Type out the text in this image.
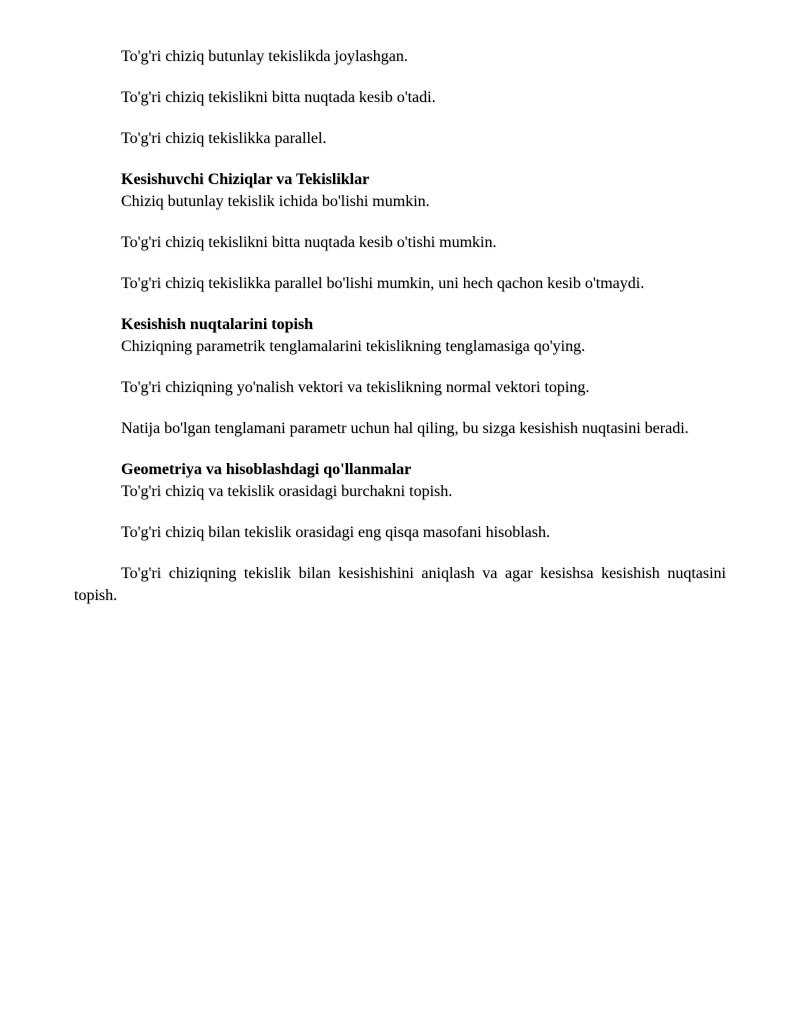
To'g'ri chiziq butunlay tekislikda joylashgan.

To'g'ri chiziq tekislikni bitta nuqtada kesib o'tadi.

To'g'ri chiziq tekislikka parallel.

Kesishuvchi Chiziqlar va Tekisliklar

Chiziq butunlay tekislik ichida bo'lishi mumkin.

To'g'ri chiziq tekislikni bitta nuqtada kesib o'tishi mumkin.

To'g'ri chiziq tekislikka parallel bo'lishi mumkin, uni hech qachon kesib o'tmaydi.

Kesishish nuqtalarini topish

Chiziqning parametrik tenglamalarini tekislikning tenglamasiga qo'ying.

To'g'ri chiziqning yo'nalish vektori va tekislikning normal vektori toping.

Natija bo'lgan tenglamani parametr uchun hal qiling, bu sizga kesishish nuqtasini beradi.

Geometriya va hisoblashdagi qo'llanmalar

To'g'ri chiziq va tekislik orasidagi burchakni topish.

To'g'ri chiziq bilan tekislik orasidagi eng qisqa masofani hisoblash.

To'g'ri chiziqning tekislik bilan kesishishini aniqlash va agar kesishsa kesishish nuqtasini topish.
